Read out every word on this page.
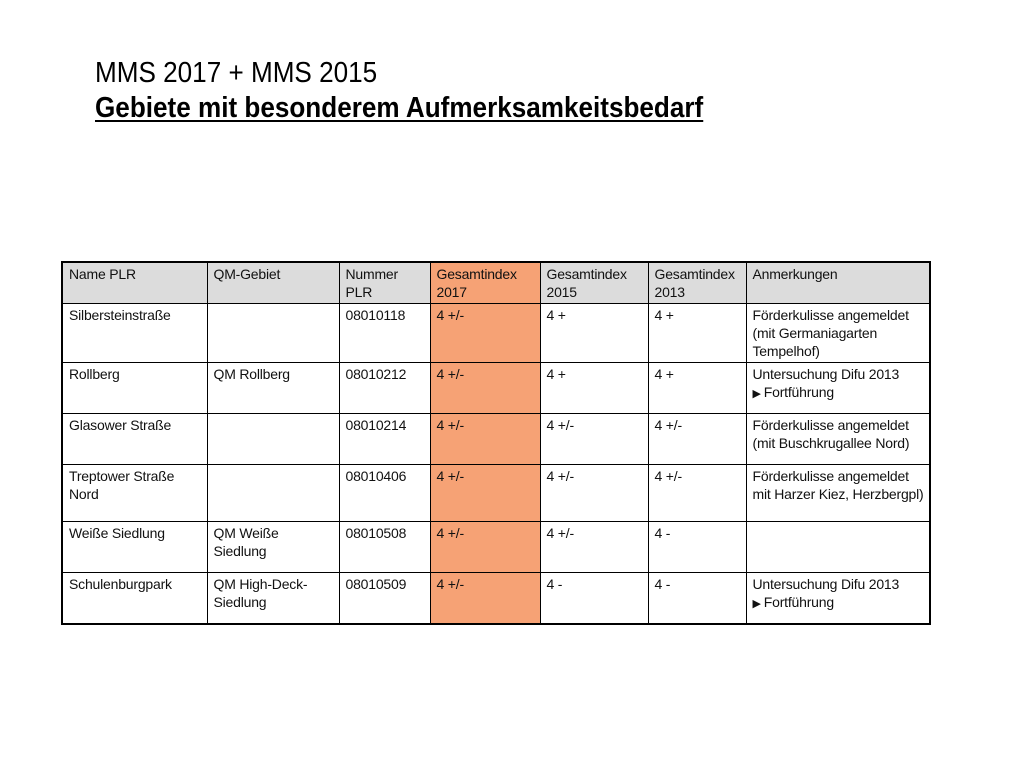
MMS 2017 + MMS 2015
Gebiete mit besonderem Aufmerksamkeitsbedarf
Name PLR	QM-Gebiet	Nummer PLR	Gesamtindex 2017	Gesamtindex 2015	Gesamtindex 2013	Anmerkungen
Silbersteinstraße		08010118	4 +/-	4 +	4 +	Förderkulisse angemeldet (mit Germaniagarten Tempelhof)
Rollberg	QM Rollberg	08010212	4 +/-	4 +	4 +	Untersuchung Difu 2013
▶ Fortführung
Glasower Straße		08010214	4 +/-	4 +/-	4 +/-	Förderkulisse angemeldet (mit Buschkrugallee Nord)
Treptower Straße Nord		08010406	4 +/-	4 +/-	4 +/-	Förderkulisse angemeldet mit Harzer Kiez, Herzbergpl)
Weiße Siedlung	QM Weiße Siedlung	08010508	4 +/-	4 +/-	4 -	
Schulenburgpark	QM High-Deck-Siedlung	08010509	4 +/-	4 -	4 -	Untersuchung Difu 2013
▶ Fortführung
